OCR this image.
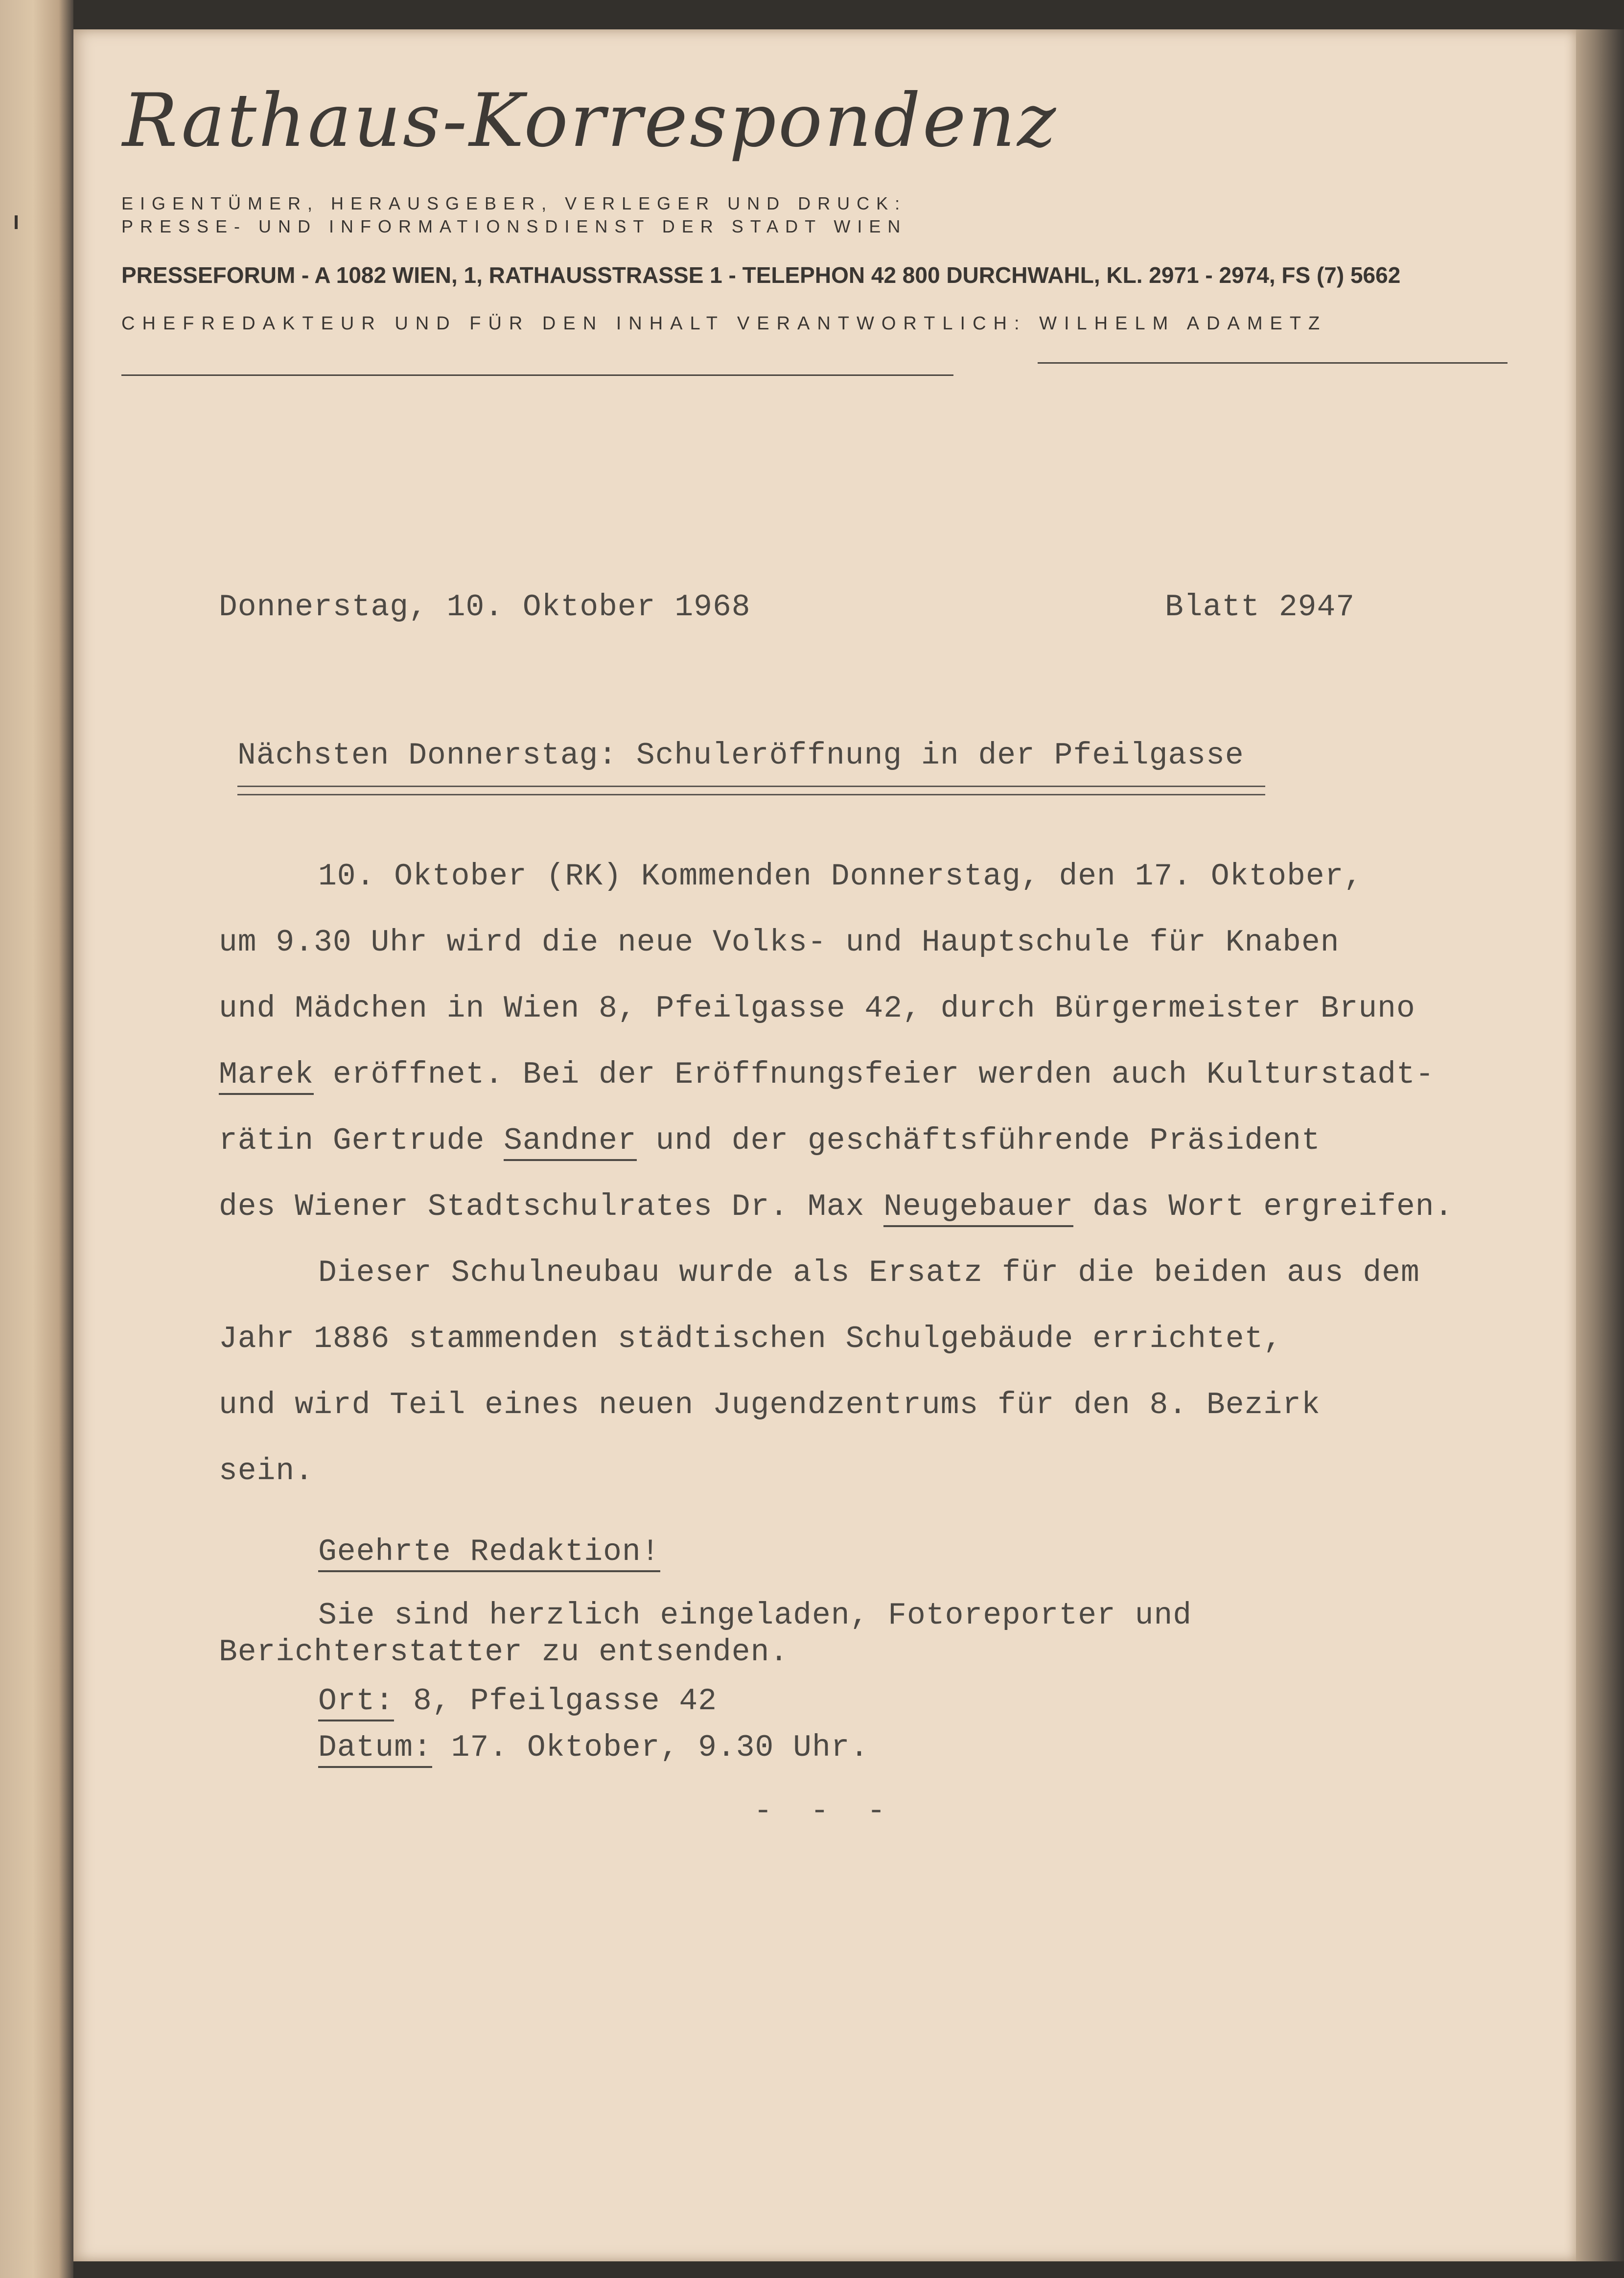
Rathaus-Korrespondenz
EIGENTÜMER, HERAUSGEBER, VERLEGER UND DRUCK:
PRESSE- UND INFORMATIONSDIENST DER STADT WIEN
PRESSEFORUM - A 1082 WIEN, 1, RATHAUSSTRASSE 1 - TELEPHON 42 800 DURCHWAHL, KL. 2971 - 2974, FS (7) 5662
CHEFREDAKTEUR UND FÜR DEN INHALT VERANTWORTLICH: WILHELM ADAMETZ
Donnerstag, 10. Oktober 1968	Blatt 2947
Nächsten Donnerstag: Schuleröffnung in der Pfeilgasse
10. Oktober (RK) Kommenden Donnerstag, den 17. Oktober,
um 9.30 Uhr wird die neue Volks- und Hauptschule für Knaben
und Mädchen in Wien 8, Pfeilgasse 42, durch Bürgermeister Bruno
Marek eröffnet. Bei der Eröffnungsfeier werden auch Kulturstadt-
rätin Gertrude Sandner und der geschäftsführende Präsident
des Wiener Stadtschulrates Dr. Max Neugebauer das Wort ergreifen.
Dieser Schulneubau wurde als Ersatz für die beiden aus dem
Jahr 1886 stammenden städtischen Schulgebäude errichtet,
und wird Teil eines neuen Jugendzentrums für den 8. Bezirk
sein.
Geehrte Redaktion!
Sie sind herzlich eingeladen, Fotoreporter und
Berichterstatter zu entsenden.
Ort: 8, Pfeilgasse 42
Datum: 17. Oktober, 9.30 Uhr.
- - -
